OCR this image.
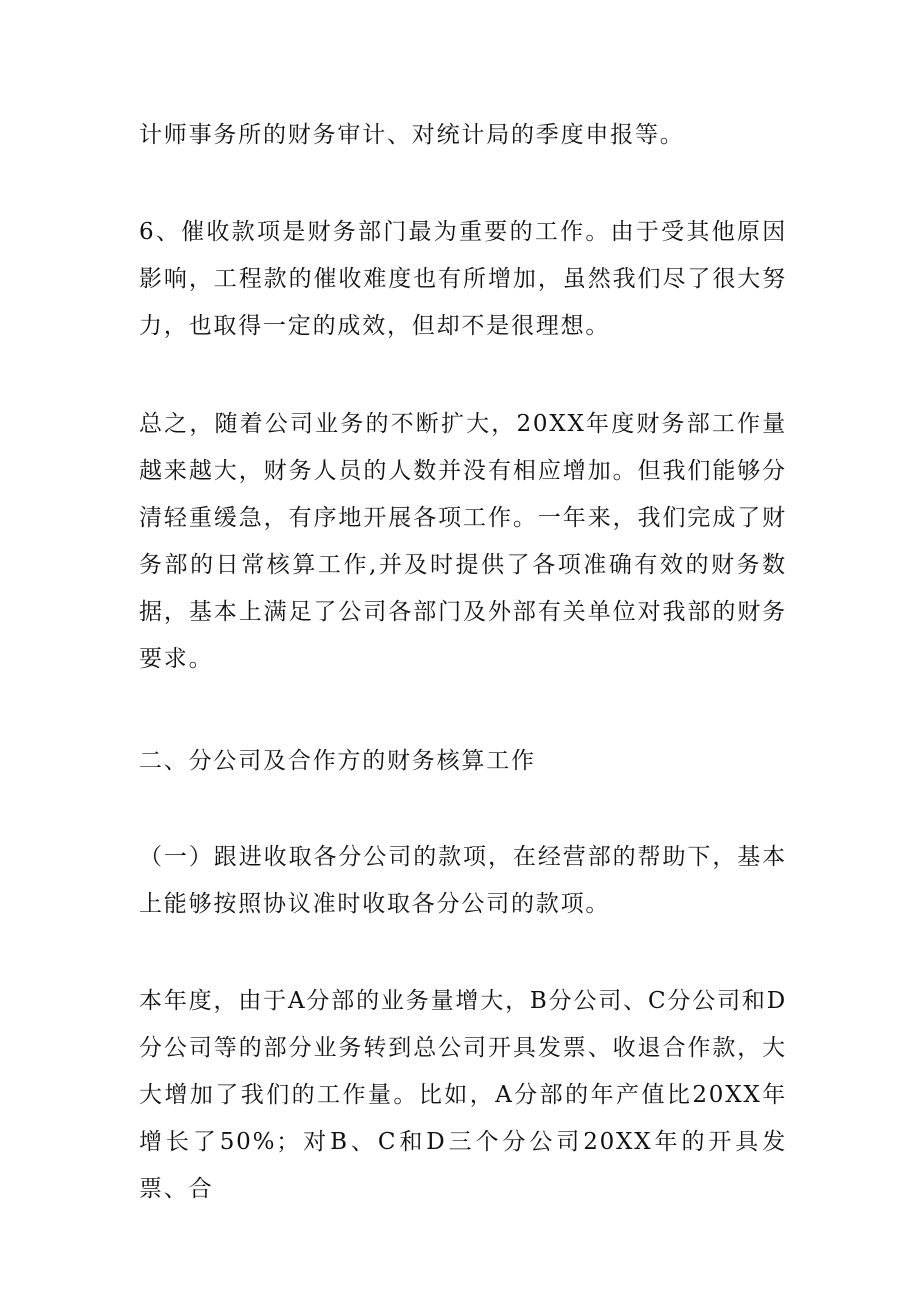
计师事务所的财务审计、对统计局的季度申报等。

6、催收款项是财务部门最为重要的工作。由于受其他原因影响，工程款的催收难度也有所增加，虽然我们尽了很大努力，也取得一定的成效，但却不是很理想。

总之，随着公司业务的不断扩大，20XX年度财务部工作量越来越大，财务人员的人数并没有相应增加。但我们能够分清轻重缓急，有序地开展各项工作。一年来，我们完成了财务部的日常核算工作,并及时提供了各项准确有效的财务数据，基本上满足了公司各部门及外部有关单位对我部的财务要求。

二、分公司及合作方的财务核算工作

（一）跟进收取各分公司的款项，在经营部的帮助下，基本上能够按照协议准时收取各分公司的款项。

本年度，由于A分部的业务量增大，B分公司、C分公司和D分公司等的部分业务转到总公司开具发票、收退合作款，大大增加了我们的工作量。比如，A分部的年产值比20XX年增长了50%；对B、C和D三个分公司20XX年的开具发票、合
